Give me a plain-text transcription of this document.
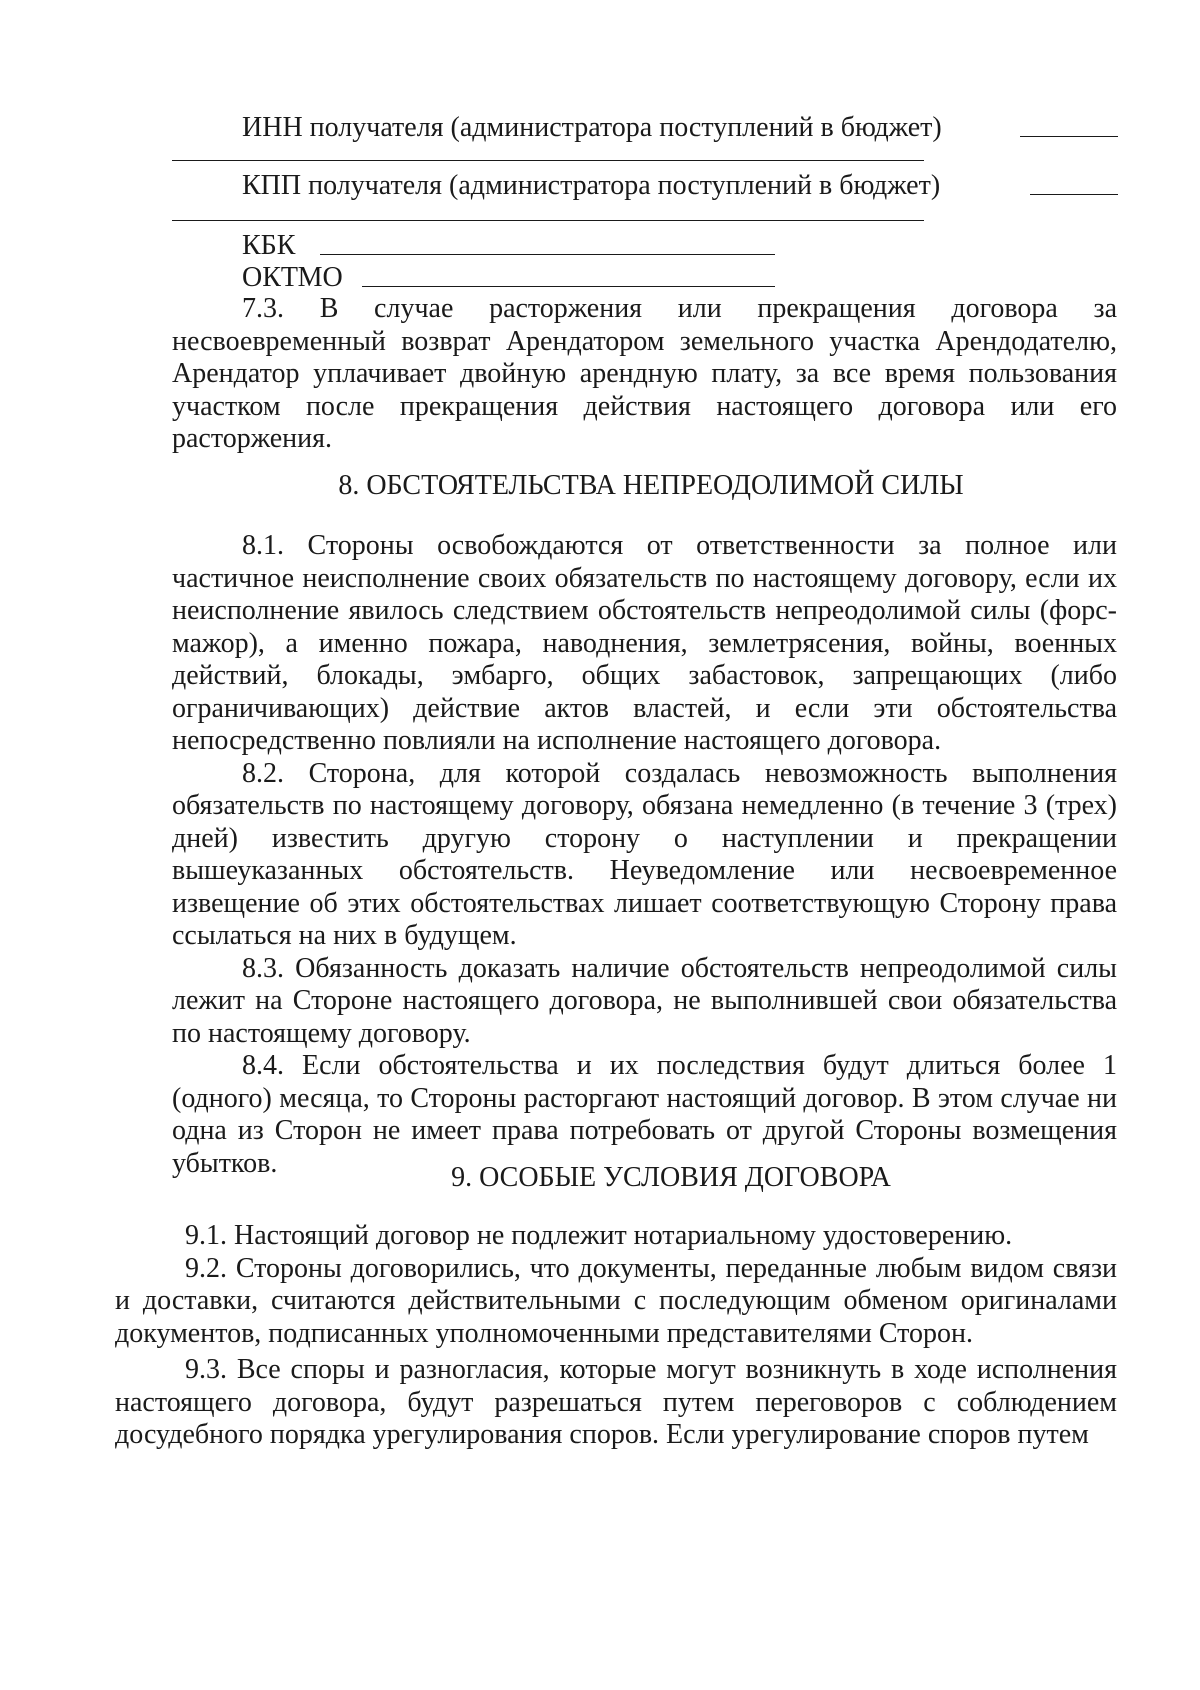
ИНН получателя (администратора поступлений в бюджет)
КПП получателя (администратора поступлений в бюджет)
КБК
ОКТМО

7.3. В случае расторжения или прекращения договора за несвоевременный возврат Арендатором земельного участка Арендодателю, Арендатор уплачивает двойную арендную плату, за все время пользования участком после прекращения действия настоящего договора или его расторжения.

8. ОБСТОЯТЕЛЬСТВА НЕПРЕОДОЛИМОЙ СИЛЫ

8.1. Стороны освобождаются от ответственности за полное или частичное неисполнение своих обязательств по настоящему договору, если их неисполнение явилось следствием обстоятельств непреодолимой силы (форс-мажор), а именно пожара, наводнения, землетрясения, войны, военных действий, блокады, эмбарго, общих забастовок, запрещающих (либо ограничивающих) действие актов властей, и если эти обстоятельства непосредственно повлияли на исполнение настоящего договора.

8.2. Сторона, для которой создалась невозможность выполнения обязательств по настоящему договору, обязана немедленно (в течение 3 (трех) дней) известить другую сторону о наступлении и прекращении вышеуказанных обстоятельств. Неуведомление или несвоевременное извещение об этих обстоятельствах лишает соответствующую Сторону права ссылаться на них в будущем.

8.3. Обязанность доказать наличие обстоятельств непреодолимой силы лежит на Стороне настоящего договора, не выполнившей свои обязательства по настоящему договору.

8.4. Если обстоятельства и их последствия будут длиться более 1 (одного) месяца, то Стороны расторгают настоящий договор. В этом случае ни одна из Сторон не имеет права потребовать от другой Стороны возмещения убытков.	9. ОСОБЫЕ УСЛОВИЯ ДОГОВОРА

9.1. Настоящий договор не подлежит нотариальному удостоверению.

9.2. Стороны договорились, что документы, переданные любым видом связи и доставки, считаются действительными с последующим обменом оригиналами документов, подписанных уполномоченными представителями Сторон.

9.3. Все споры и разногласия, которые могут возникнуть в ходе исполнения настоящего договора, будут разрешаться путем переговоров с соблюдением досудебного порядка урегулирования споров. Если урегулирование споров путем
